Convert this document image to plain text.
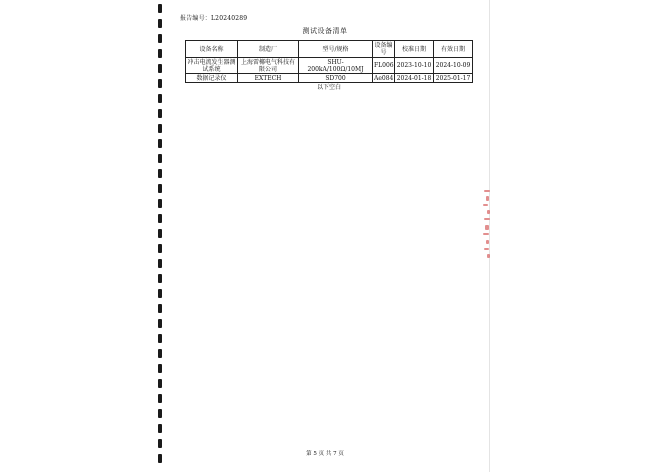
报告编号：L20240289
测试设备清单
设备名称	制造厂	型号/规格	设备编号	校准日期	有效日期
冲击电流发生器测试系统	上海雷椰电气科技有限公司	SHU-200kA/100Ω/10MJ	FL006	2023-10-10	2024-10-09
数据记录仪	EXTECH	SD700	Ae084	2024-01-18	2025-01-17
以下空白					
第 5 页 共 7 页
